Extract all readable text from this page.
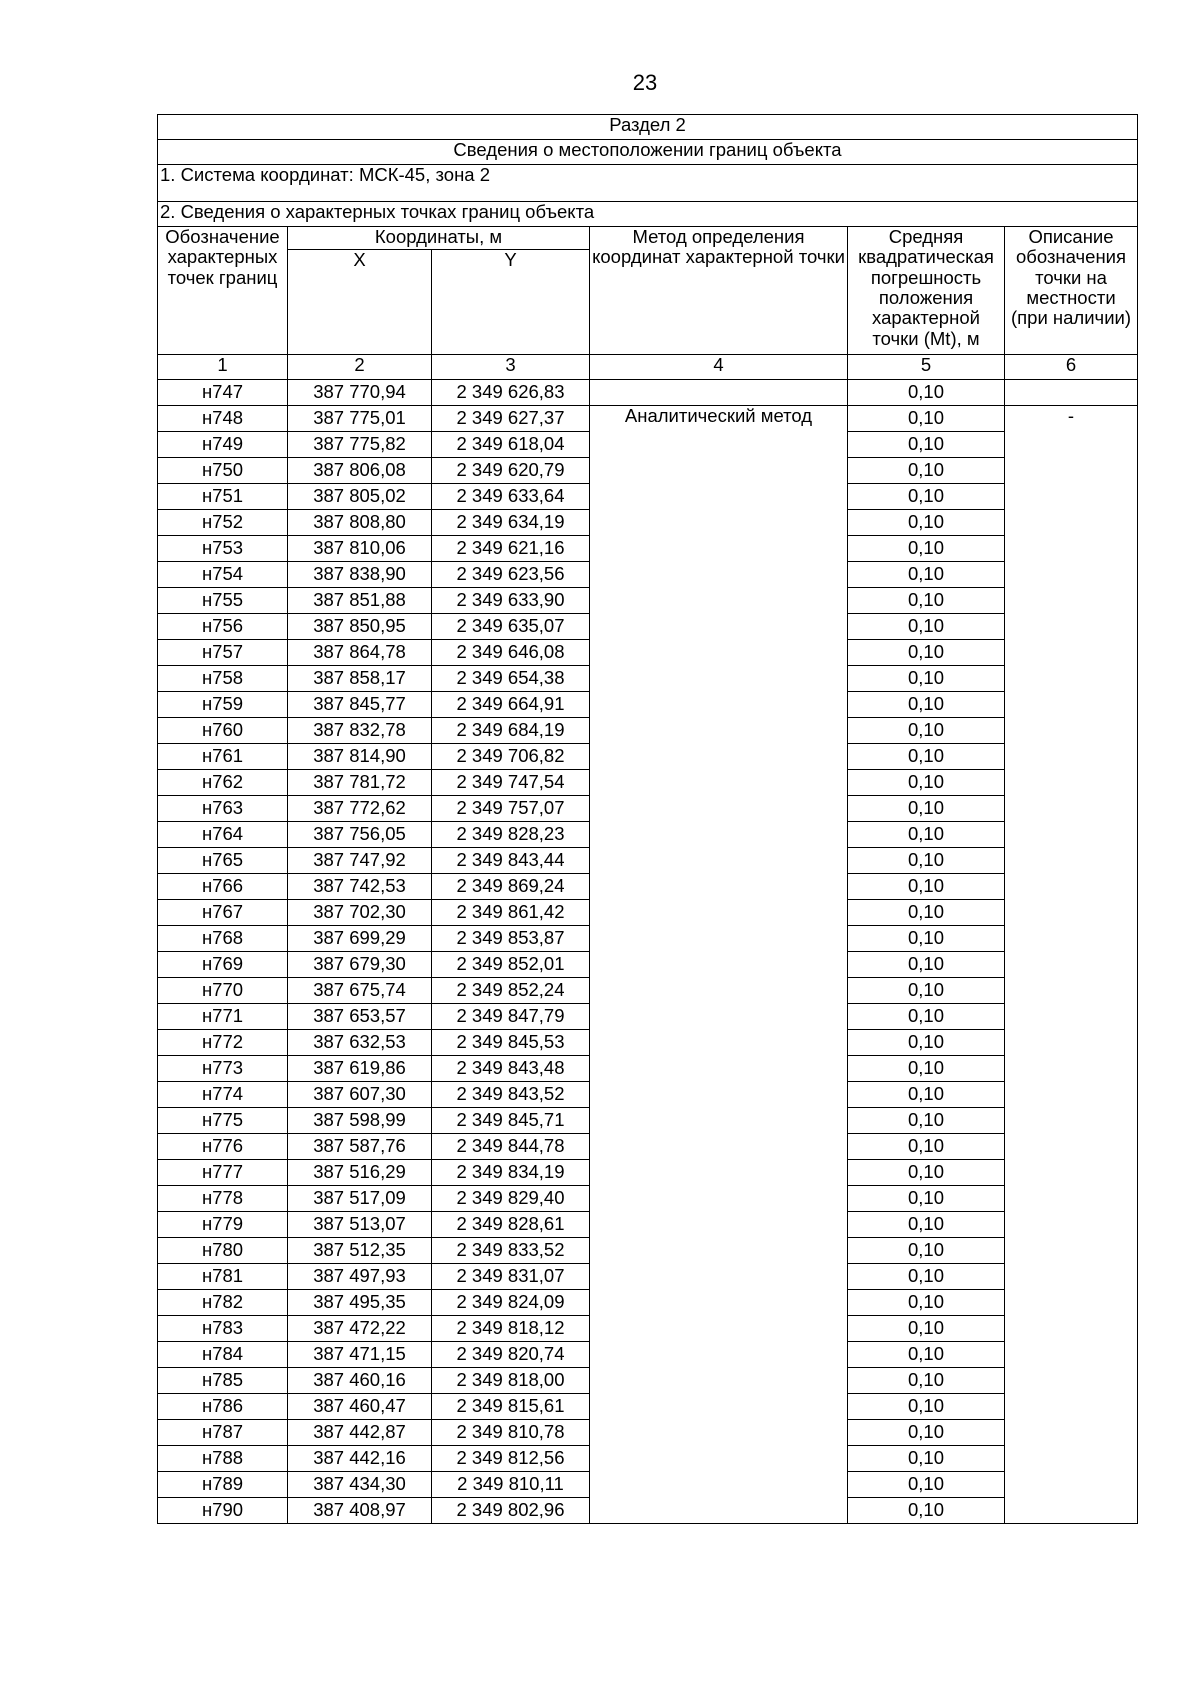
23
Раздел 2					
Сведения о местоположении границ объекта					
1. Система координат: МСК-45, зона 2					
2. Сведения о характерных точках границ объекта					
Обозначение характерных точек границ	Координаты, м		Метод определения координат характерной точки	Средняя квадратическая погрешность положения характерной точки (Mt), м	Описание обозначения точки на местности (при наличии)
	X	Y			
1	2	3	4	5	6
н747	387 770,94	2 349 626,83		0,10	
н748	387 775,01	2 349 627,37	Аналитический метод	0,10	-
н749	387 775,82	2 349 618,04		0,10	
н750	387 806,08	2 349 620,79		0,10	
н751	387 805,02	2 349 633,64		0,10	
н752	387 808,80	2 349 634,19		0,10	
н753	387 810,06	2 349 621,16		0,10	
н754	387 838,90	2 349 623,56		0,10	
н755	387 851,88	2 349 633,90		0,10	
н756	387 850,95	2 349 635,07		0,10	
н757	387 864,78	2 349 646,08		0,10	
н758	387 858,17	2 349 654,38		0,10	
н759	387 845,77	2 349 664,91		0,10	
н760	387 832,78	2 349 684,19		0,10	
н761	387 814,90	2 349 706,82		0,10	
н762	387 781,72	2 349 747,54		0,10	
н763	387 772,62	2 349 757,07		0,10	
н764	387 756,05	2 349 828,23		0,10	
н765	387 747,92	2 349 843,44		0,10	
н766	387 742,53	2 349 869,24		0,10	
н767	387 702,30	2 349 861,42		0,10	
н768	387 699,29	2 349 853,87		0,10	
н769	387 679,30	2 349 852,01		0,10	
н770	387 675,74	2 349 852,24		0,10	
н771	387 653,57	2 349 847,79		0,10	
н772	387 632,53	2 349 845,53		0,10	
н773	387 619,86	2 349 843,48		0,10	
н774	387 607,30	2 349 843,52		0,10	
н775	387 598,99	2 349 845,71		0,10	
н776	387 587,76	2 349 844,78		0,10	
н777	387 516,29	2 349 834,19		0,10	
н778	387 517,09	2 349 829,40		0,10	
н779	387 513,07	2 349 828,61		0,10	
н780	387 512,35	2 349 833,52		0,10	
н781	387 497,93	2 349 831,07		0,10	
н782	387 495,35	2 349 824,09		0,10	
н783	387 472,22	2 349 818,12		0,10	
н784	387 471,15	2 349 820,74		0,10	
н785	387 460,16	2 349 818,00		0,10	
н786	387 460,47	2 349 815,61		0,10	
н787	387 442,87	2 349 810,78		0,10	
н788	387 442,16	2 349 812,56		0,10	
н789	387 434,30	2 349 810,11		0,10	
н790	387 408,97	2 349 802,96		0,10	
